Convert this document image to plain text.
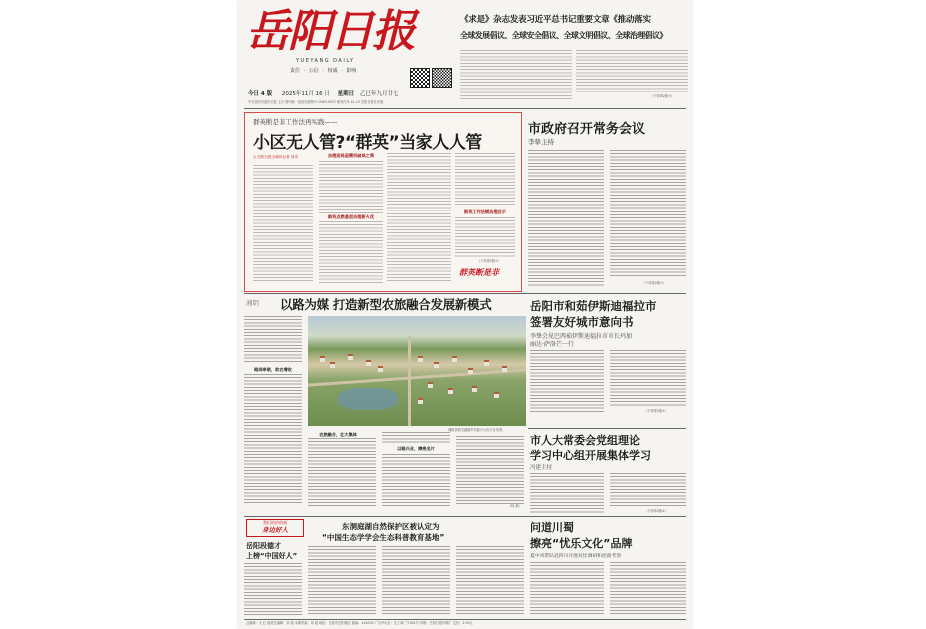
岳阳日报
YUEYANG DAILY
责任 · 公信 · 权威 · 影响
今日 4 版 2025年11月 16 日 星期日 乙巳年九月廿七
中共岳阳市委机关报 主办 国内统一连续出版物号 CN43-0037 邮发代号 41-15 岳阳日报社出版
《求是》杂志发表习近平总书记重要文章《推动落实
全球发展倡议、全球安全倡议、全球文明倡议、全球治理倡议》
（下转第2版②）
群英断是非工作法再实践——
小区无人管?“群英”当家人人管
◎ 岳阳日报全媒体记者 刘卓	治理困局亟需找破局之策
群英点燃基层治理新火花
群英工作法赋治理启示
（下转第2版②）
群英断是非
市政府召开常务会议
李挚主持
（下转第2版②）
湘阴 以路为媒 打造新型农旅融合发展新模式
路网串联，助农增收
湘阴县鹤龙湖镇乡村振兴示范片区美景。
农旅融合，壮大集体
以路兴业，擦亮名片
（杨 艳）
岳阳市和茹伊斯迪福拉市
签署友好城市意向书
李挚会见巴西茹伊斯迪福拉市市长玛加
丽达·萨洛芒一行
（下转第2版③）
市人大常委会党组理论
学习中心组开展集体学习
冯建主持
（下转第2版④）
我们的价值观
身边好人
岳阳段德才
上榜“中国好人”
东洞庭湖自然保护区被认定为
“中国生态学学会生态科普教育基地”
问道川蜀
擦亮“忧乐文化”品牌
夏中凤带队赴四川开展对比调研和招商考察
总编辑：文 红 值班总编辑：刘 超 本期责编：刘 超 地址：岳阳市岳阳楼区 邮编：414000 广告许可证：岳工商广字001号 印刷：岳阳日报印刷厂 定价：2.00元
